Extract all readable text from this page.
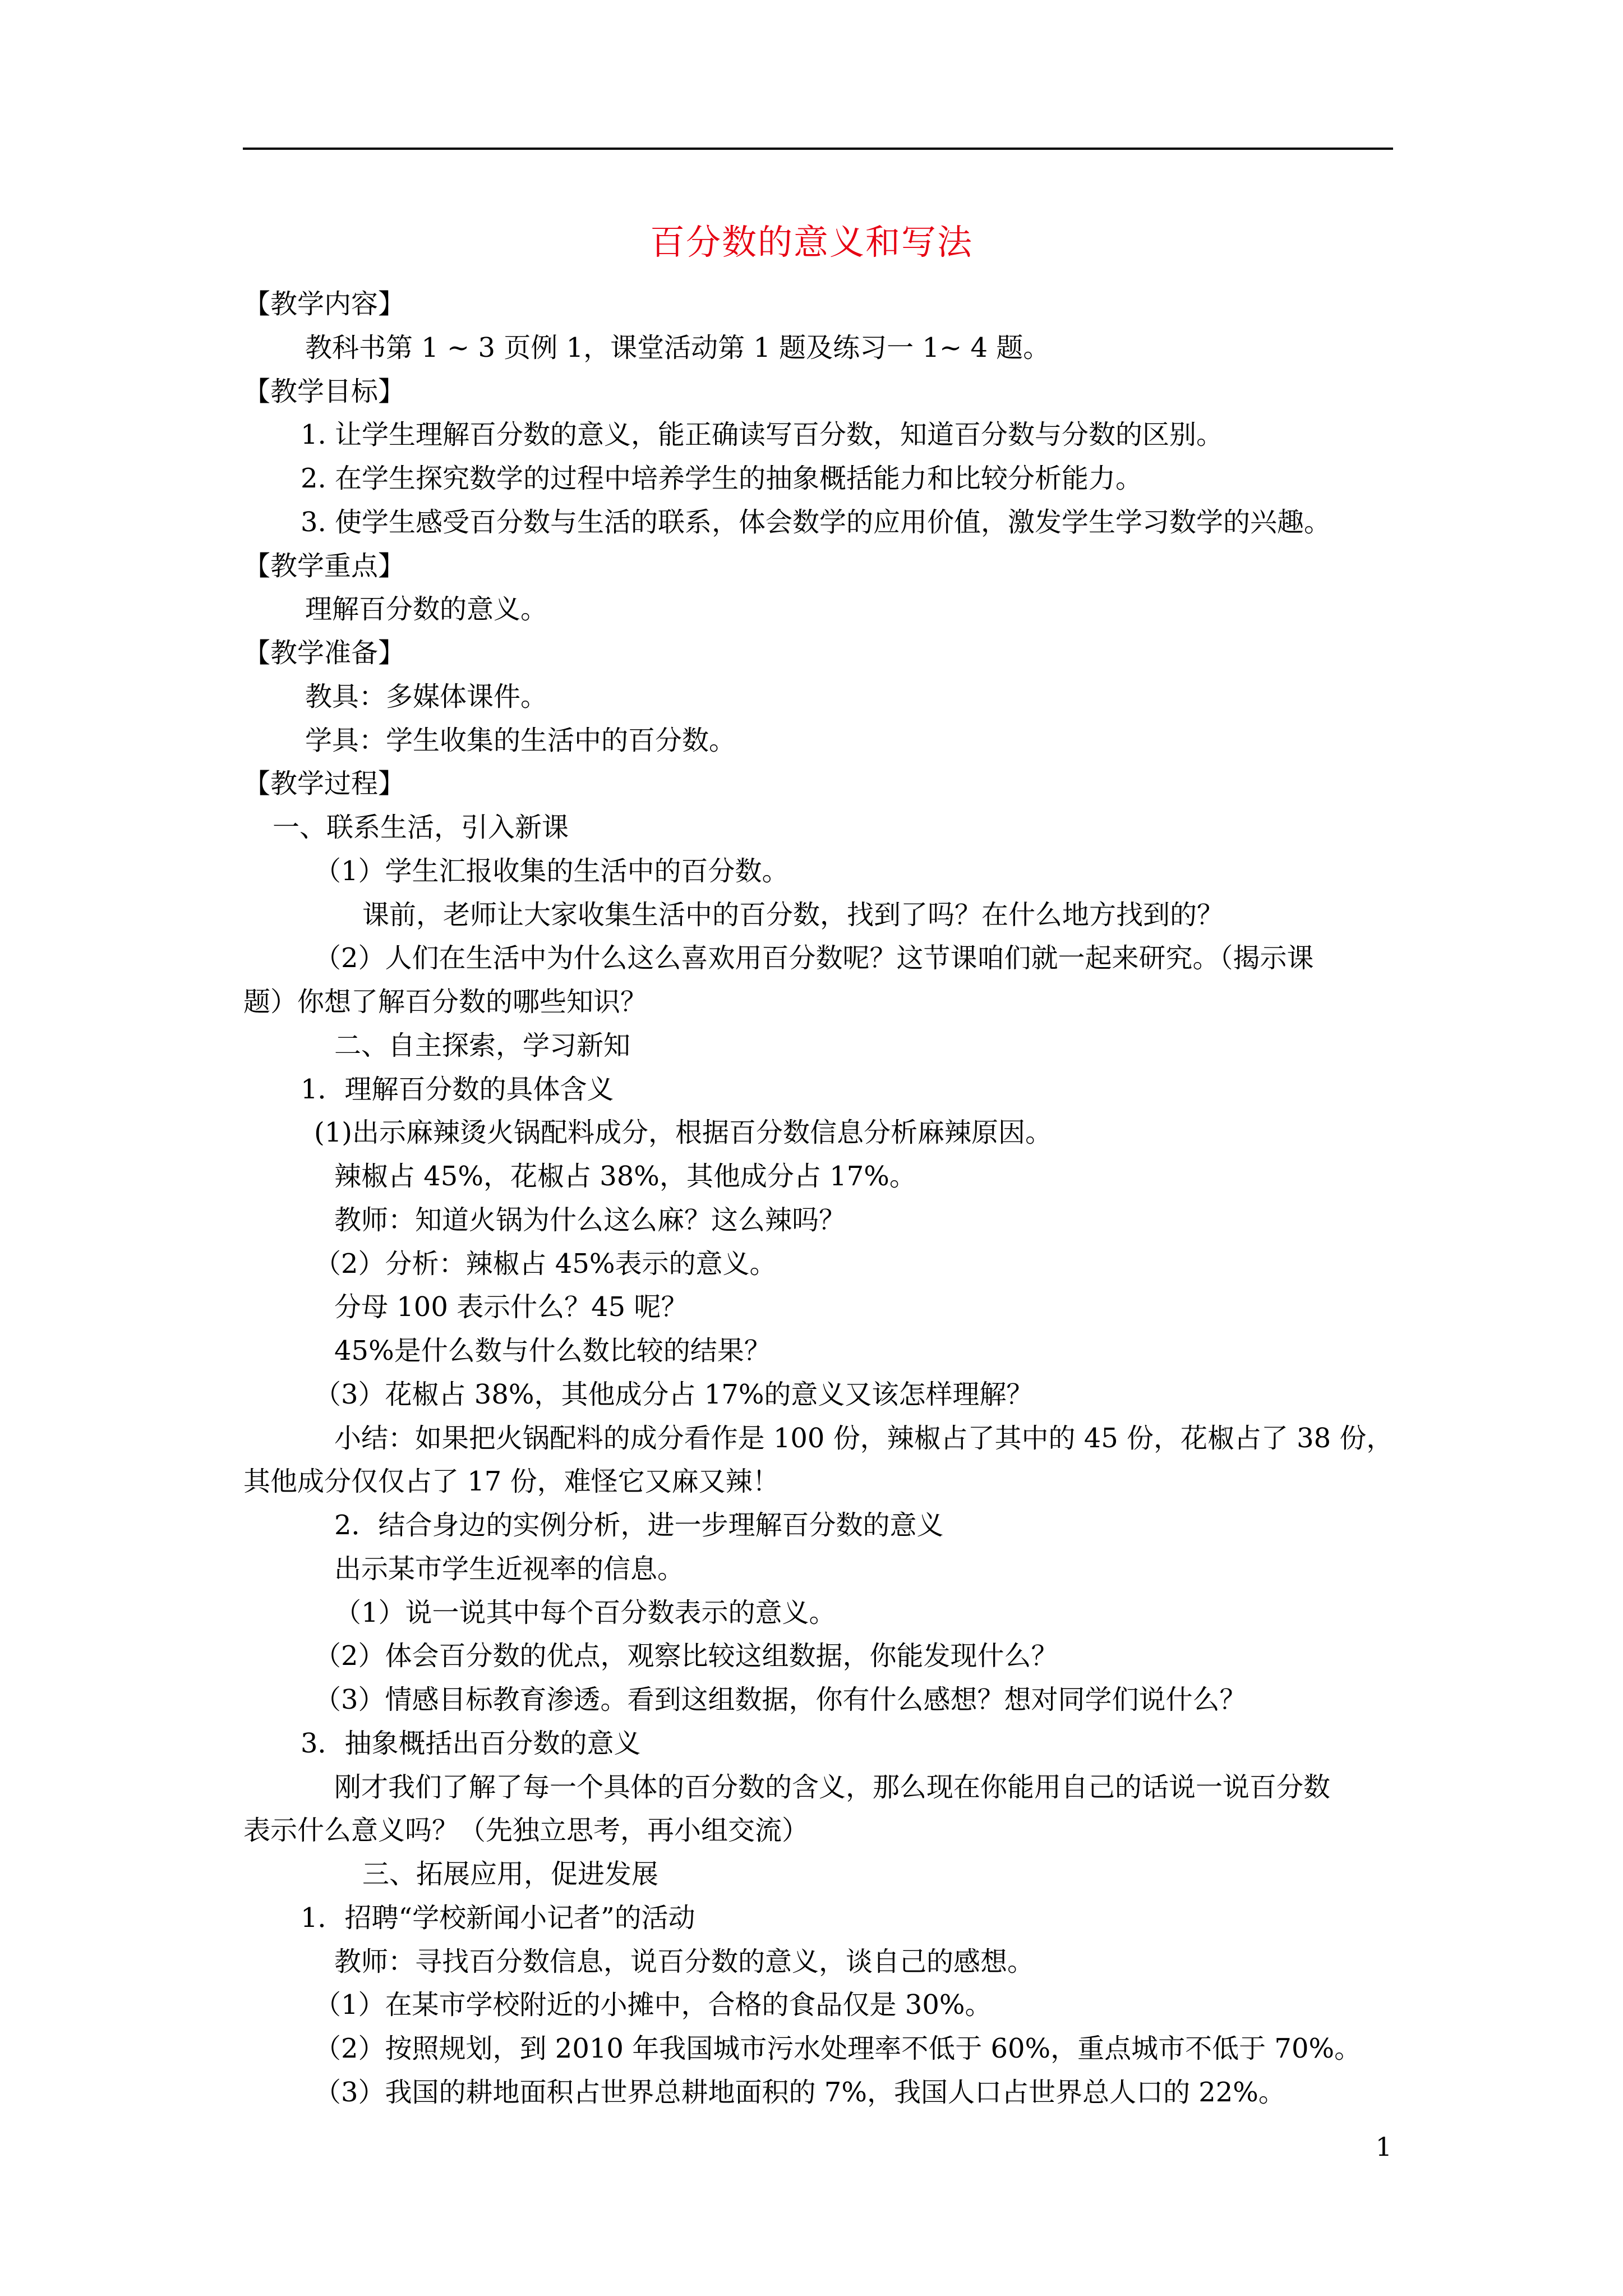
百分数的意义和写法
【教学内容】
教科书第 1 ~ 3 页例 1，课堂活动第 1 题及练习一 1~ 4 题。
【教学目标】
1. 让学生理解百分数的意义，能正确读写百分数，知道百分数与分数的区别。
2. 在学生探究数学的过程中培养学生的抽象概括能力和比较分析能力。
3. 使学生感受百分数与生活的联系，体会数学的应用价值，激发学生学习数学的兴趣。
【教学重点】
理解百分数的意义。
【教学准备】
教具：多媒体课件。
学具：学生收集的生活中的百分数。
【教学过程】
一、联系生活，引入新课
（1）学生汇报收集的生活中的百分数。
课前，老师让大家收集生活中的百分数，找到了吗？在什么地方找到的？
（2）人们在生活中为什么这么喜欢用百分数呢？这节课咱们就一起来研究。（揭示课
题）你想了解百分数的哪些知识？
二、自主探索，学习新知
1．理解百分数的具体含义
(1)出示麻辣烫火锅配料成分，根据百分数信息分析麻辣原因。
辣椒占 45%，花椒占 38%，其他成分占 17%。
教师：知道火锅为什么这么麻？这么辣吗？
（2）分析：辣椒占 45%表示的意义。
分母 100 表示什么？45 呢？
45%是什么数与什么数比较的结果？
（3）花椒占 38%，其他成分占 17%的意义又该怎样理解？
小结：如果把火锅配料的成分看作是 100 份，辣椒占了其中的 45 份，花椒占了 38 份，
其他成分仅仅占了 17 份，难怪它又麻又辣！
2．结合身边的实例分析，进一步理解百分数的意义
出示某市学生近视率的信息。
（1）说一说其中每个百分数表示的意义。
（2）体会百分数的优点，观察比较这组数据，你能发现什么？
（3）情感目标教育渗透。看到这组数据，你有什么感想？想对同学们说什么？
3．抽象概括出百分数的意义
刚才我们了解了每一个具体的百分数的含义，那么现在你能用自己的话说一说百分数
表示什么意义吗？（先独立思考，再小组交流）
三、拓展应用，促进发展
1．招聘“学校新闻小记者”的活动
教师：寻找百分数信息，说百分数的意义，谈自己的感想。
（1）在某市学校附近的小摊中，合格的食品仅是 30%。
（2）按照规划，到 2010 年我国城市污水处理率不低于 60%，重点城市不低于 70%。
（3）我国的耕地面积占世界总耕地面积的 7%，我国人口占世界总人口的 22%。
1
